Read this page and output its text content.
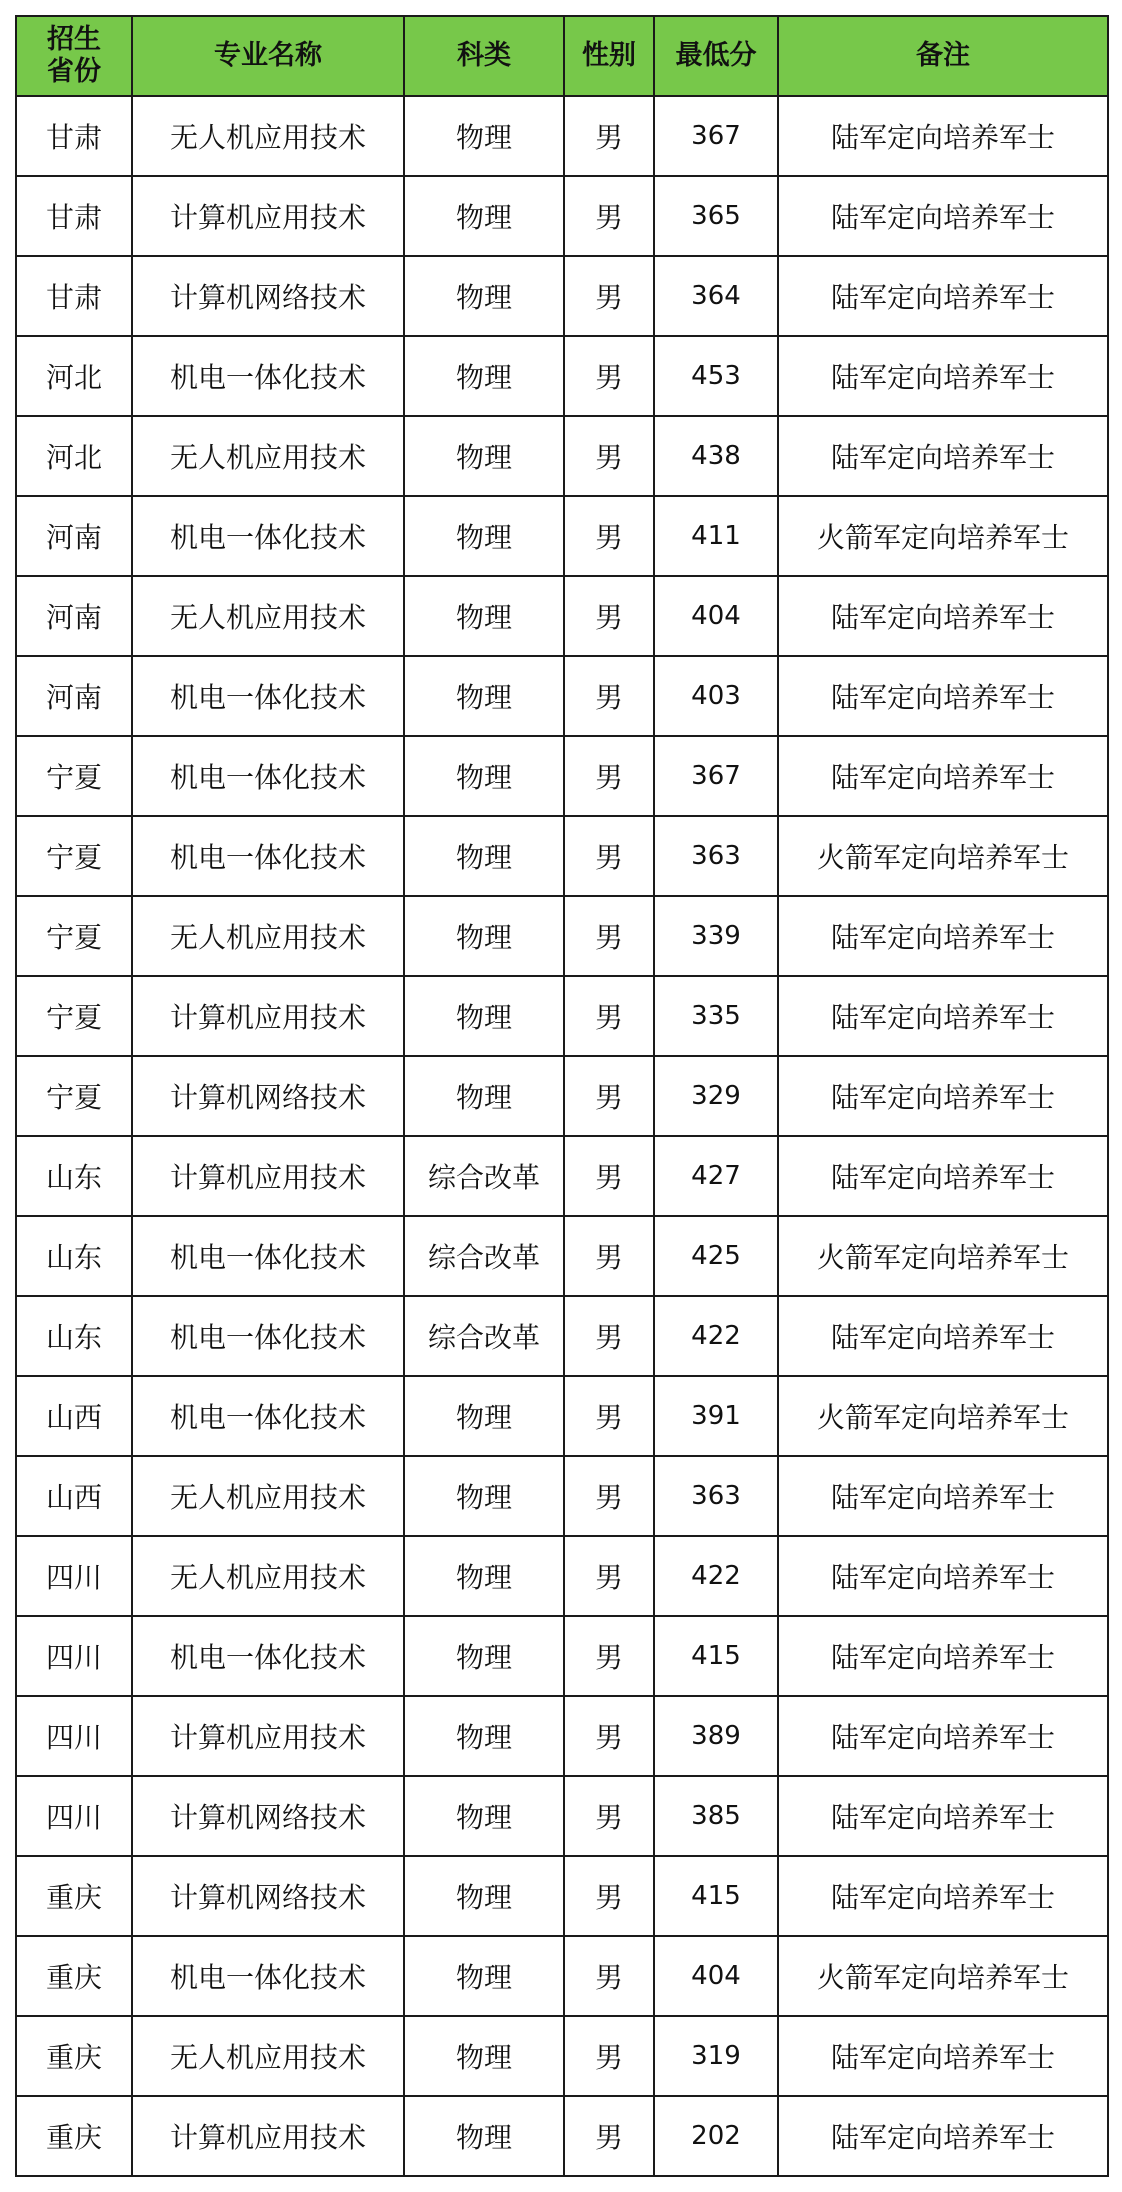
招生
省份	专业名称	科类	性别	最低分	备注
甘肃	无人机应用技术	物理	男	367	陆军定向培养军士
甘肃	计算机应用技术	物理	男	365	陆军定向培养军士
甘肃	计算机网络技术	物理	男	364	陆军定向培养军士
河北	机电一体化技术	物理	男	453	陆军定向培养军士
河北	无人机应用技术	物理	男	438	陆军定向培养军士
河南	机电一体化技术	物理	男	411	火箭军定向培养军士
河南	无人机应用技术	物理	男	404	陆军定向培养军士
河南	机电一体化技术	物理	男	403	陆军定向培养军士
宁夏	机电一体化技术	物理	男	367	陆军定向培养军士
宁夏	机电一体化技术	物理	男	363	火箭军定向培养军士
宁夏	无人机应用技术	物理	男	339	陆军定向培养军士
宁夏	计算机应用技术	物理	男	335	陆军定向培养军士
宁夏	计算机网络技术	物理	男	329	陆军定向培养军士
山东	计算机应用技术	综合改革	男	427	陆军定向培养军士
山东	机电一体化技术	综合改革	男	425	火箭军定向培养军士
山东	机电一体化技术	综合改革	男	422	陆军定向培养军士
山西	机电一体化技术	物理	男	391	火箭军定向培养军士
山西	无人机应用技术	物理	男	363	陆军定向培养军士
四川	无人机应用技术	物理	男	422	陆军定向培养军士
四川	机电一体化技术	物理	男	415	陆军定向培养军士
四川	计算机应用技术	物理	男	389	陆军定向培养军士
四川	计算机网络技术	物理	男	385	陆军定向培养军士
重庆	计算机网络技术	物理	男	415	陆军定向培养军士
重庆	机电一体化技术	物理	男	404	火箭军定向培养军士
重庆	无人机应用技术	物理	男	319	陆军定向培养军士
重庆	计算机应用技术	物理	男	202	陆军定向培养军士
